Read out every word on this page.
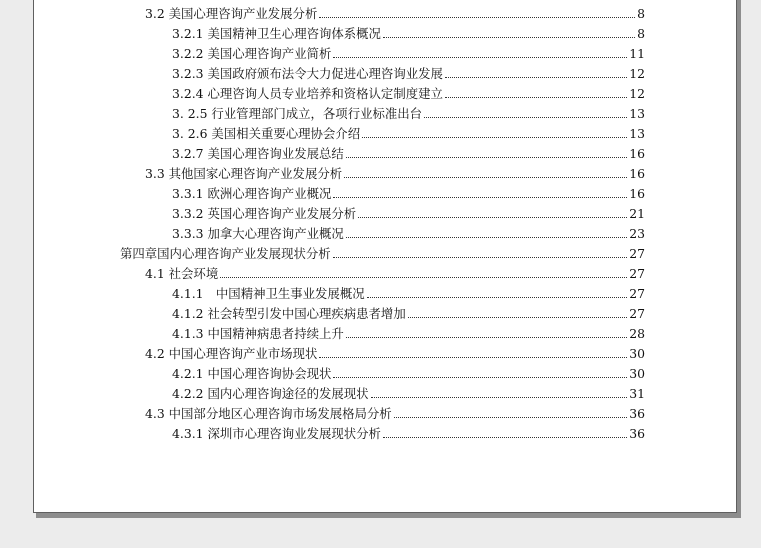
3.2 美国心理咨询产业发展分析	8
3.2.1 美国精神卫生心理咨询体系概况	8
3.2.2 美国心理咨询产业简析	11
3.2.3 美国政府颁布法令大力促进心理咨询业发展	12
3.2.4 心理咨询人员专业培养和资格认定制度建立	12
3. 2.5 行业管理部门成立，各项行业标准出台	13
3. 2.6 美国相关重要心理协会介绍	13
3.2.7 美国心理咨询业发展总结	16
3.3 其他国家心理咨询产业发展分析	16
3.3.1 欧洲心理咨询产业概况	16
3.3.2 英国心理咨询产业发展分析	21
3.3.3 加拿大心理咨询产业概况	23
第四章国内心理咨询产业发展现状分析	27
4.1 社会环境	27
4.1.1　中国精神卫生事业发展概况	27
4.1.2 社会转型引发中国心理疾病患者增加	27
4.1.3 中国精神病患者持续上升	28
4.2 中国心理咨询产业市场现状	30
4.2.1 中国心理咨询协会现状	30
4.2.2 国内心理咨询途径的发展现状	31
4.3 中国部分地区心理咨询市场发展格局分析	36
4.3.1 深圳市心理咨询业发展现状分析	36
